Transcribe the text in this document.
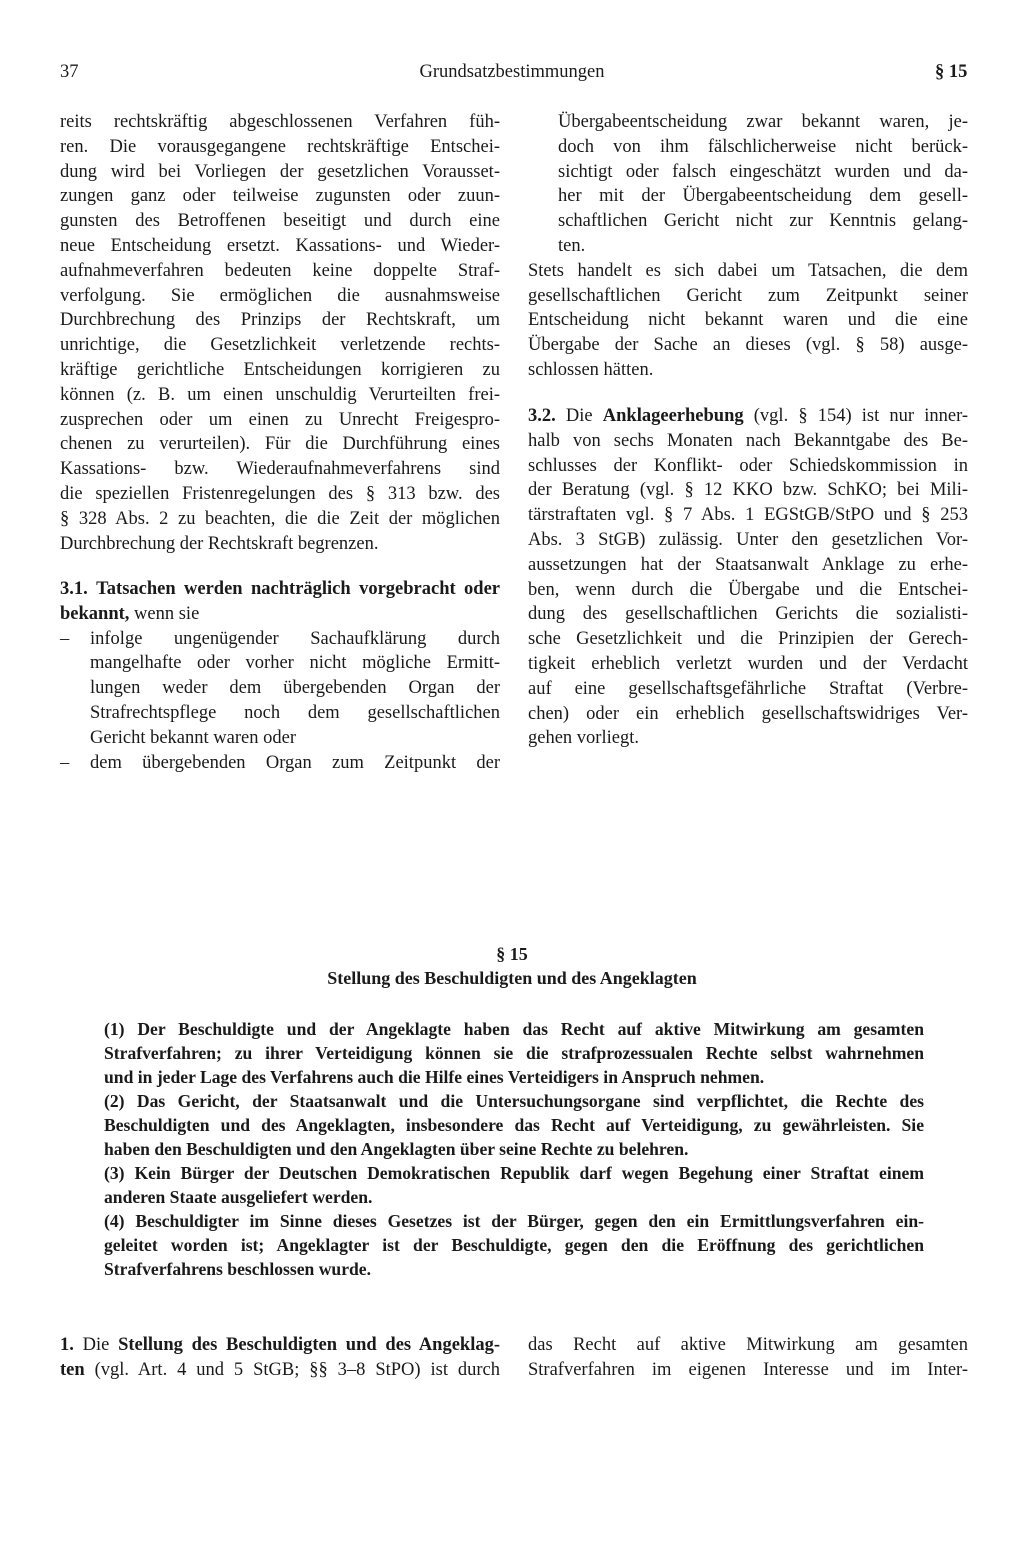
37	Grundsatzbestimmungen	§ 15
reits rechtskräftig abgeschlossenen Verfahren füh-
ren. Die vorausgegangene rechtskräftige Entschei-
dung wird bei Vorliegen der gesetzlichen Vorausset-
zungen ganz oder teilweise zugunsten oder zuun-
gunsten des Betroffenen beseitigt und durch eine
neue Entscheidung ersetzt. Kassations- und Wieder-
aufnahmeverfahren bedeuten keine doppelte Straf-
verfolgung. Sie ermöglichen die ausnahmsweise
Durchbrechung des Prinzips der Rechtskraft, um
unrichtige, die Gesetzlichkeit verletzende rechts-
kräftige gerichtliche Entscheidungen korrigieren zu
können (z. B. um einen unschuldig Verurteilten frei-
zusprechen oder um einen zu Unrecht Freigespro-
chenen zu verurteilen). Für die Durchführung eines
Kassations- bzw. Wiederaufnahmeverfahrens sind
die speziellen Fristenregelungen des § 313 bzw. des
§ 328 Abs. 2 zu beachten, die die Zeit der möglichen
Durchbrechung der Rechtskraft begrenzen.
3.1. Tatsachen werden nachträglich vorgebracht oder
bekannt, wenn sie
–	infolge ungenügender Sachaufklärung durch
mangelhafte oder vorher nicht mögliche Ermitt-
lungen weder dem übergebenden Organ der
Strafrechtspflege noch dem gesellschaftlichen
Gericht bekannt waren oder
–	dem übergebenden Organ zum Zeitpunkt der
Übergabeentscheidung zwar bekannt waren, je-
doch von ihm fälschlicherweise nicht berück-
sichtigt oder falsch eingeschätzt wurden und da-
her mit der Übergabeentscheidung dem gesell-
schaftlichen Gericht nicht zur Kenntnis gelang-
ten.
Stets handelt es sich dabei um Tatsachen, die dem
gesellschaftlichen Gericht zum Zeitpunkt seiner
Entscheidung nicht bekannt waren und die eine
Übergabe der Sache an dieses (vgl. § 58) ausge-
schlossen hätten.
3.2. Die Anklageerhebung (vgl. § 154) ist nur inner-
halb von sechs Monaten nach Bekanntgabe des Be-
schlusses der Konflikt- oder Schiedskommission in
der Beratung (vgl. § 12 KKO bzw. SchKO; bei Mili-
tärstraftaten vgl. § 7 Abs. 1 EGStGB/StPO und § 253
Abs. 3 StGB) zulässig. Unter den gesetzlichen Vor-
aussetzungen hat der Staatsanwalt Anklage zu erhe-
ben, wenn durch die Übergabe und die Entschei-
dung des gesellschaftlichen Gerichts die sozialisti-
sche Gesetzlichkeit und die Prinzipien der Gerech-
tigkeit erheblich verletzt wurden und der Verdacht
auf eine gesellschaftsgefährliche Straftat (Verbre-
chen) oder ein erheblich gesellschaftswidriges Ver-
gehen vorliegt.
§ 15
Stellung des Beschuldigten und des Angeklagten
(1) Der Beschuldigte und der Angeklagte haben das Recht auf aktive Mitwirkung am gesamten
Strafverfahren; zu ihrer Verteidigung können sie die strafprozessualen Rechte selbst wahrnehmen
und in jeder Lage des Verfahrens auch die Hilfe eines Verteidigers in Anspruch nehmen.
(2) Das Gericht, der Staatsanwalt und die Untersuchungsorgane sind verpflichtet, die Rechte des
Beschuldigten und des Angeklagten, insbesondere das Recht auf Verteidigung, zu gewährleisten. Sie
haben den Beschuldigten und den Angeklagten über seine Rechte zu belehren.
(3) Kein Bürger der Deutschen Demokratischen Republik darf wegen Begehung einer Straftat einem
anderen Staate ausgeliefert werden.
(4) Beschuldigter im Sinne dieses Gesetzes ist der Bürger, gegen den ein Ermittlungsverfahren ein-
geleitet worden ist; Angeklagter ist der Beschuldigte, gegen den die Eröffnung des gerichtlichen
Strafverfahrens beschlossen wurde.
1. Die Stellung des Beschuldigten und des Angeklag-
ten (vgl. Art. 4 und 5 StGB; §§ 3–8 StPO) ist durch
das Recht auf aktive Mitwirkung am gesamten
Strafverfahren im eigenen Interesse und im Inter-
